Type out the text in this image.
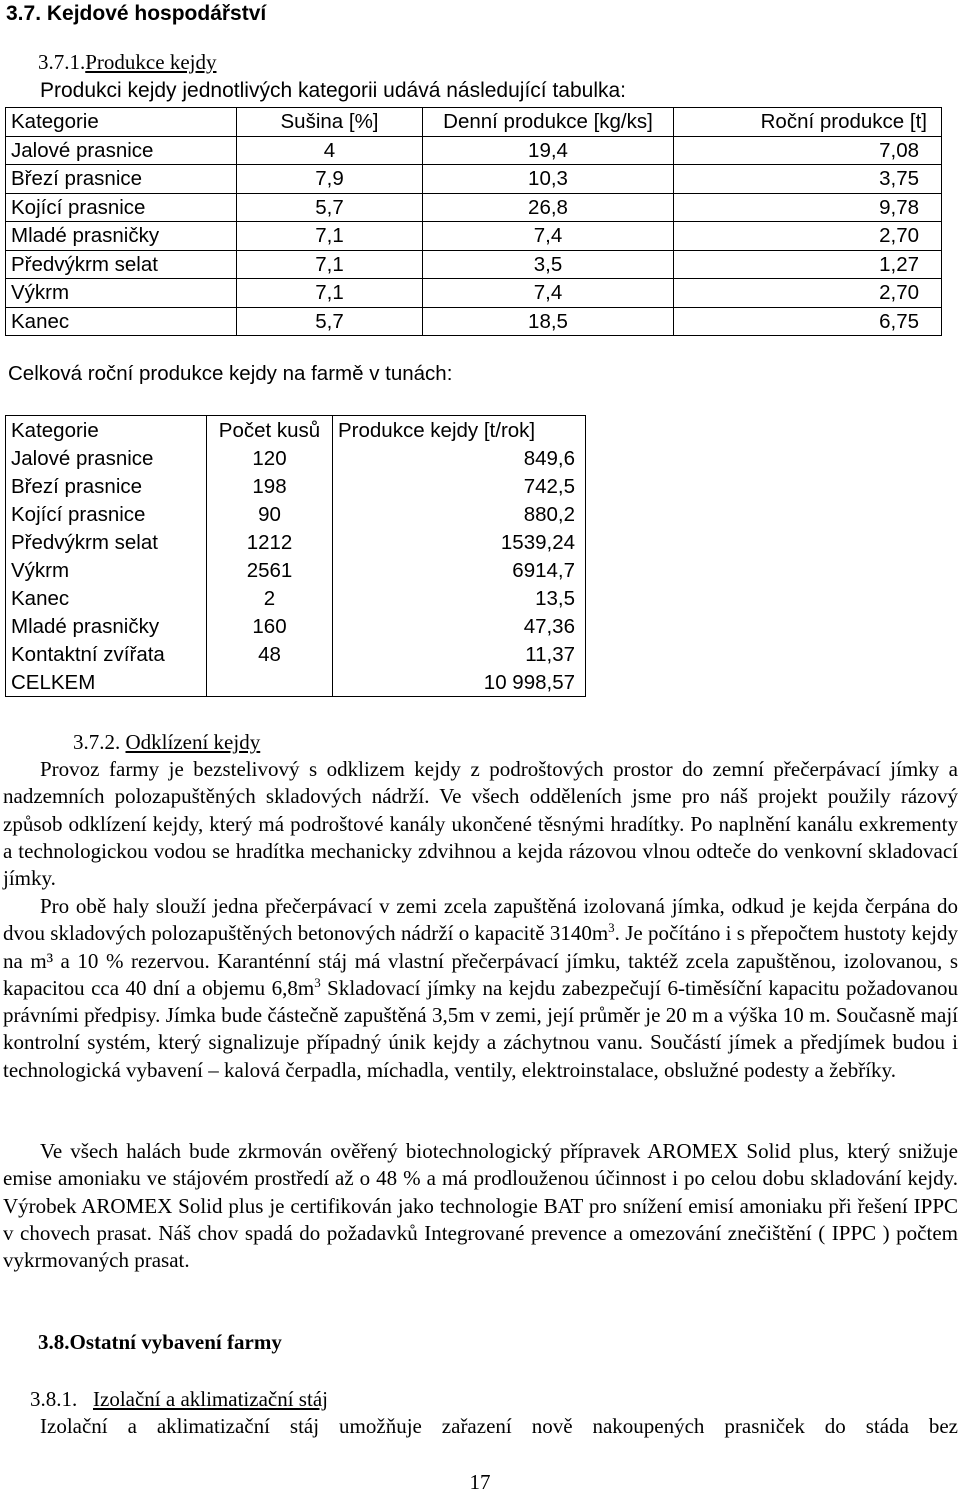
3.7. Kejdové hospodářství
3.7.1.Produkce kejdy
Produkci kejdy jednotlivých kategorii udává následující tabulka:
Kategorie	Sušina [%]	Denní produkce [kg/ks]	Roční produkce [t]
Jalové prasnice	4	19,4	7,08
Březí prasnice	7,9	10,3	3,75
Kojící prasnice	5,7	26,8	9,78
Mladé prasničky	7,1	7,4	2,70
Předvýkrm selat	7,1	3,5	1,27
Výkrm	7,1	7,4	2,70
Kanec	5,7	18,5	6,75
Celková roční produkce kejdy na farmě v tunách:
Kategorie	Počet kusů	Produkce kejdy [t/rok]
Jalové prasnice	120	849,6
Březí prasnice	198	742,5
Kojící prasnice	90	880,2
Předvýkrm selat	1212	1539,24
Výkrm	2561	6914,7
Kanec	2	13,5
Mladé prasničky	160	47,36
Kontaktní zvířata	48	11,37
CELKEM		10 998,57
3.7.2. Odklízení kejdy

Provoz farmy je bezstelivový s odklizem kejdy z podroštových prostor do zemní přečerpávací jímky a nadzemních polozapuštěných skladových nádrží. Ve všech odděleních jsme pro náš projekt použily rázový způsob odklízení kejdy, který má podroštové kanály ukončené těsnými hradítky. Po naplnění kanálu exkrementy a technologickou vodou se hradítka mechanicky zdvihnou a kejda rázovou vlnou odteče do venkovní skladovací jímky.

Pro obě haly slouží jedna přečerpávací v zemi zcela zapuštěná izolovaná jímka, odkud je kejda čerpána do dvou skladových polozapuštěných betonových nádrží o kapacitě $3140m^3$. Je počítáno i s přepočtem hustoty kejdy na m³ a 10 % rezervou. Karanténní stáj má vlastní přečerpávací jímku, taktéž zcela zapuštěnou, izolovanou, s kapacitou cca 40 dní a objemu $6,8m^3$ Skladovací jímky na kejdu zabezpečují 6-timěsíční kapacitu požadovanou právními předpisy. Jímka bude částečně zapuštěná 3,5m v zemi, její průměr je 20 m a výška 10 m. Současně mají kontrolní systém, který signalizuje případný únik kejdy a záchytnou vanu. Součástí jímek a předjímek budou i technologická vybavení – kalová čerpadla, míchadla, ventily, elektroinstalace, obslužné podesty a žebříky.

Ve všech halách bude zkrmován ověřený biotechnologický přípravek AROMEX Solid plus, který snižuje emise amoniaku ve stájovém prostředí až o 48 % a má prodlouženou účinnost i po celou dobu skladování kejdy. Výrobek AROMEX Solid plus je certifikován jako technologie BAT pro snížení emisí amoniaku při řešení IPPC v chovech prasat. Náš chov spadá do požadavků Integrované prevence a omezování znečištění ( IPPC ) počtem vykrmovaných prasat.

3.8.Ostatní vybavení farmy
3.8.1. Izolační a aklimatizační stáj

Izolační a aklimatizační stáj umožňuje zařazení nově nakoupených prasniček do stáda bez

17
